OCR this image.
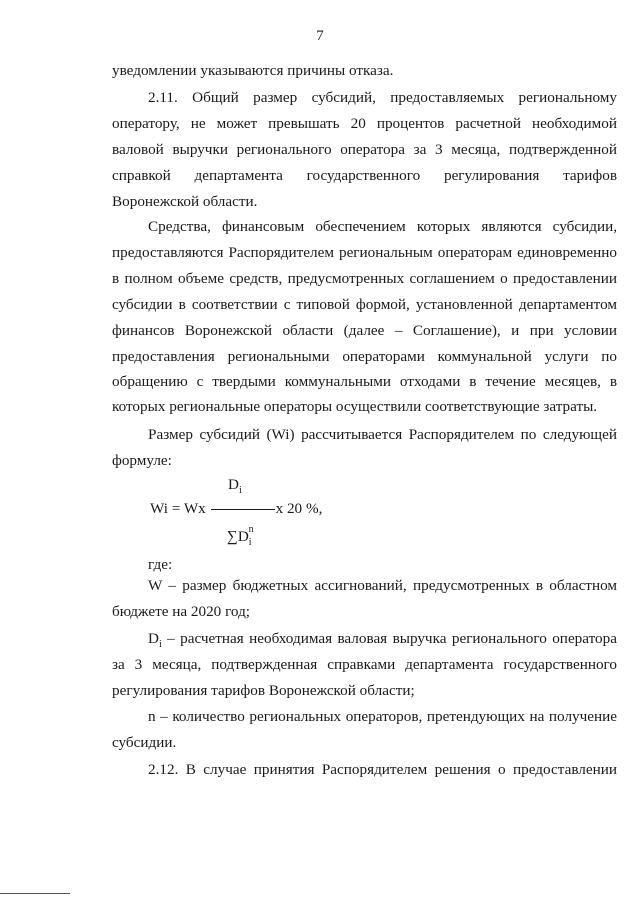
7
уведомлении указываются причины отказа.
2.11. Общий размер субсидий, предоставляемых региональному
оператору, не может превышать 20 процентов расчетной необходимой
валовой выручки регионального оператора за 3 месяца, подтвержденной
справкой департамента государственного регулирования тарифов
Воронежской области.
Средства, финансовым обеспечением которых являются субсидии,
предоставляются Распорядителем региональным операторам единовременно
в полном объеме средств, предусмотренных соглашением о предоставлении
субсидии в соответствии с типовой формой, установленной департаментом
финансов Воронежской области (далее – Соглашение), и при условии
предоставления региональными операторами коммунальной услуги по
обращению с твердыми коммунальными отходами в течение месяцев, в
которых региональные операторы осуществили соответствующие затраты.
Размер субсидий (Wi) рассчитывается Распорядителем по следующей
формуле:
$D_i$
Wi = Wx	x 20 %,
$\sum D_i^n$
где:
W – размер бюджетных ассигнований, предусмотренных в областном
бюджете на 2020 год;
$D_i$ – расчетная необходимая валовая выручка регионального оператора
за 3 месяца, подтвержденная справками департамента государственного
регулирования тарифов Воронежской области;
n – количество региональных операторов, претендующих на получение
субсидии.
2.12. В случае принятия Распорядителем решения о предоставлении
